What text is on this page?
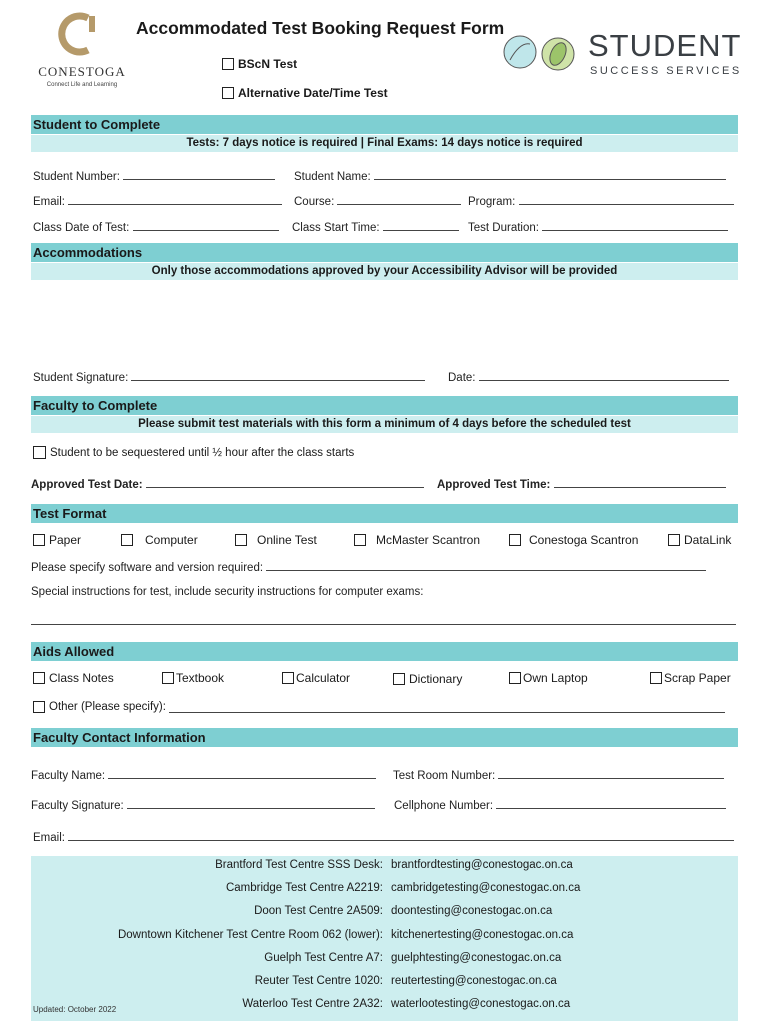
CONESTOGA
Connect Life and Learning
Accommodated Test Booking Request Form
BScN Test
Alternative Date/Time Test
STUDENT
SUCCESS SERVICES
Student to Complete
Tests: 7 days notice is required | Final Exams: 14 days notice is required
Student Number:	Student Name:
Email:	Course:	Program:
Class Date of Test:	Class Start Time:	Test Duration:
Accommodations
Only those accommodations approved by your Accessibility Advisor will be provided
Student Signature:	Date:
Faculty to Complete
Please submit test materials with this form a minimum of 4 days before the scheduled test
Student to be sequestered until ½ hour after the class starts
Approved Test Date:	Approved Test Time:
Test Format
Paper	Computer	Online Test	McMaster Scantron	Conestoga Scantron	DataLink
Please specify software and version required:
Special instructions for test, include security instructions for computer exams:
Aids Allowed
Class Notes	Textbook	Calculator	Dictionary	Own Laptop	Scrap Paper
Other (Please specify):
Faculty Contact Information
Faculty Name:	Test Room Number:
Faculty Signature:	Cellphone Number:
Email:
Brantford Test Centre SSS Desk: brantfordtesting@conestogac.on.ca
Cambridge Test Centre A2219: cambridgetesting@conestogac.on.ca
Doon Test Centre 2A509: doontesting@conestogac.on.ca
Downtown Kitchener Test Centre Room 062 (lower): kitchenertesting@conestogac.on.ca
Guelph Test Centre A7: guelphtesting@conestogac.on.ca
Reuter Test Centre 1020: reutertesting@conestogac.on.ca
Waterloo Test Centre 2A32: waterlootesting@conestogac.on.ca
Updated: October 2022
